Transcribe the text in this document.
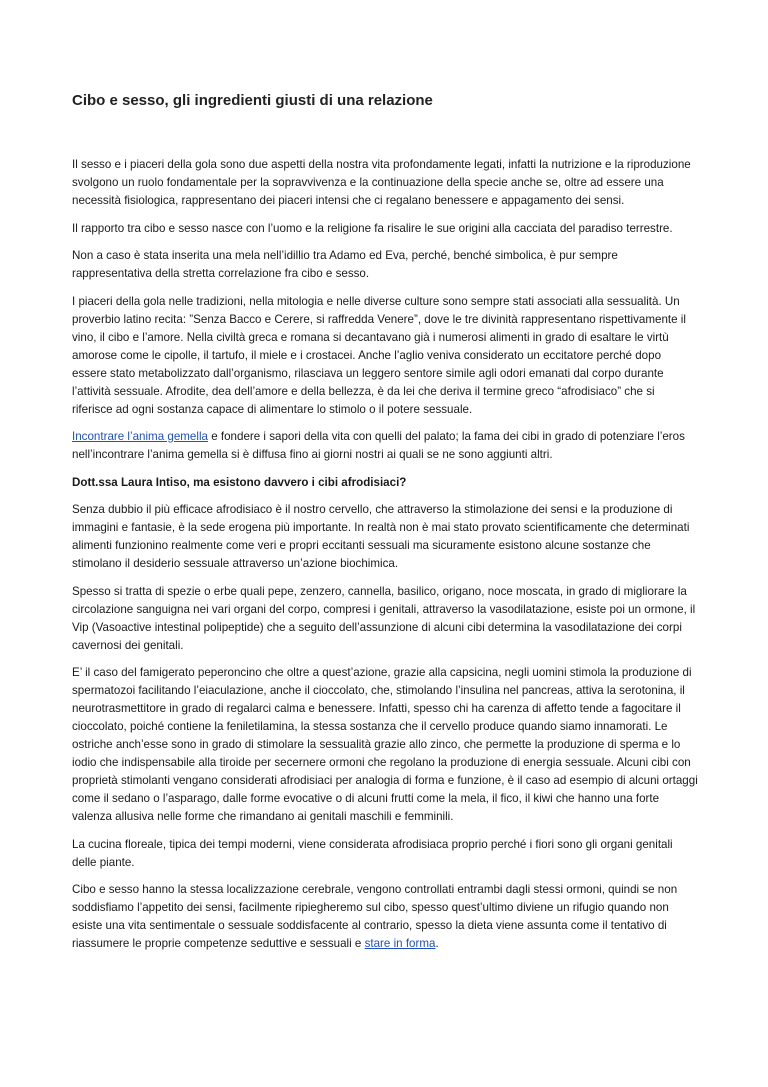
Cibo e sesso, gli ingredienti giusti di una relazione

Il sesso e i piaceri della gola sono due aspetti della nostra vita profondamente legati, infatti la nutrizione e la riproduzione svolgono un ruolo fondamentale per la sopravvivenza e la continuazione della specie anche se, oltre ad essere una necessità fisiologica, rappresentano dei piaceri intensi che ci regalano benessere e appagamento dei sensi.

Il rapporto tra cibo e sesso nasce con l’uomo e la religione fa risalire le sue origini alla cacciata del paradiso terrestre.

Non a caso è stata inserita una mela nell’idillio tra Adamo ed Eva, perché, benché simbolica, è pur sempre rappresentativa della stretta correlazione fra cibo e sesso.

I piaceri della gola nelle tradizioni, nella mitologia e nelle diverse culture sono sempre stati associati alla sessualità. Un proverbio latino recita: ”Senza Bacco e Cerere, si raffredda Venere”, dove le tre divinità rappresentano rispettivamente il vino, il cibo e l’amore. Nella civiltà greca e romana si decantavano già i numerosi alimenti in grado di esaltare le virtù amorose come le cipolle, il tartufo, il miele e i crostacei. Anche l’aglio veniva considerato un eccitatore perché dopo essere stato metabolizzato dall’organismo, rilasciava un leggero sentore simile agli odori emanati dal corpo durante l’attività sessuale. Afrodite, dea dell’amore e della bellezza, è da lei che deriva il termine greco “afrodisiaco” che si riferisce ad ogni sostanza capace di alimentare lo stimolo o il potere sessuale.

Incontrare l’anima gemella e fondere i sapori della vita con quelli del palato; la fama dei cibi in grado di potenziare l’eros nell’incontrare l’anima gemella si è diffusa fino ai giorni nostri ai quali se ne sono aggiunti altri.

Dott.ssa Laura Intiso, ma esistono davvero i cibi afrodisiaci?

Senza dubbio il più efficace afrodisiaco è il nostro cervello, che attraverso la stimolazione dei sensi e la produzione di immagini e fantasie, è la sede erogena più importante. In realtà non è mai stato provato scientificamente che determinati alimenti funzionino realmente come veri e propri eccitanti sessuali ma sicuramente esistono alcune sostanze che stimolano il desiderio sessuale attraverso un’azione biochimica.

Spesso si tratta di spezie o erbe quali pepe, zenzero, cannella, basilico, origano, noce moscata, in grado di migliorare la circolazione sanguigna nei vari organi del corpo, compresi i genitali, attraverso la vasodilatazione, esiste poi un ormone, il Vip (Vasoactive intestinal polipeptide) che a seguito dell’assunzione di alcuni cibi determina la vasodilatazione dei corpi cavernosi dei genitali.

E’ il caso del famigerato peperoncino che oltre a quest’azione, grazie alla capsicina, negli uomini stimola la produzione di spermatozoi facilitando l’eiaculazione, anche il cioccolato, che, stimolando l’insulina nel pancreas, attiva la serotonina, il neurotrasmettitore in grado di regalarci calma e benessere. Infatti, spesso chi ha carenza di affetto tende a fagocitare il cioccolato, poiché contiene la feniletilamina, la stessa sostanza che il cervello produce quando siamo innamorati. Le ostriche anch’esse sono in grado di stimolare la sessualità grazie allo zinco, che permette la produzione di sperma e lo iodio che indispensabile alla tiroide per secernere ormoni che regolano la produzione di energia sessuale. Alcuni cibi con proprietà stimolanti vengano considerati afrodisiaci per analogia di forma e funzione, è il caso ad esempio di alcuni ortaggi come il sedano o l’asparago, dalle forme evocative o di alcuni frutti come la mela, il fico, il kiwi che hanno una forte valenza allusiva nelle forme che rimandano ai genitali maschili e femminili.

La cucina floreale, tipica dei tempi moderni, viene considerata afrodisiaca proprio perché i fiori sono gli organi genitali delle piante.

Cibo e sesso hanno la stessa localizzazione cerebrale, vengono controllati entrambi dagli stessi ormoni, quindi se non soddisfiamo l’appetito dei sensi, facilmente ripiegheremo sul cibo, spesso quest’ultimo diviene un rifugio quando non esiste una vita sentimentale o sessuale soddisfacente al contrario, spesso la dieta viene assunta come il tentativo di riassumere le proprie competenze seduttive e sessuali e stare in forma.
